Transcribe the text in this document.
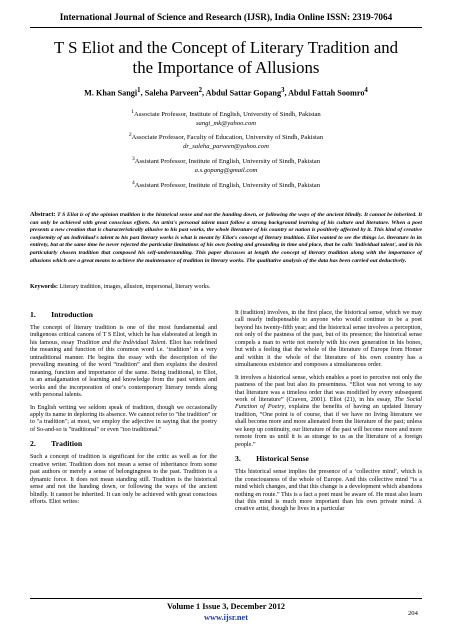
International Journal of Science and Research (IJSR), India Online ISSN: 2319-7064
T S Eliot and the Concept of Literary Tradition and
the Importance of Allusions
M. Khan Sangi$^1$, Saleha Parveen$^2$, Abdul Sattar Gopang$^3$, Abdul Fattah Soomro$^4$
$^1$Associate Professor, Institute of English, University of Sindh, Pakistan
sangi_mk@yahoo.com
$^2$Associate Professor, Faculty of Education, University of Sindh, Pakistan
dr_saleha_parveen@yahoo.com
$^3$Assistant Professor, Institute of English, University of Sindh, Pakistan
a.s.gopang@gmail.com
$^4$Assistant Professor, Institute of English, University of Sindh, Pakistan
Abstract: T S Eliot is of the opinion tradition is the historical sense and not the handing down, or following the ways of the ancient blindly. It cannot be inherited. It can only be achieved with great conscious efforts. An artist's personal talent must follow a strong background learning of his culture and literature. When a poet presents a new creation that is characteristically allusive to his past works, the whole literature of his country or nation is positively affected by it. This kind of creative conformity of an individual's talent to his past literary works is what is meant by Eliot's concept of literary tradition. Eliot wanted to see the things i.e. literature in its entirety, but at the same time he never rejected the particular limitations of his own footing and grounding in time and place, that he calls 'individual talent', and in his particularly chosen tradition that composed his self-understanding. This paper discusses at length the concept of literary tradition along with the importance of allusions which are a great means to achieve the maintenance of tradition in literary works. The qualitative analysis of the data has been carried out deductively.
Keywords: Literary tradition, images, allusion, impersonal, literary works.
1.  Introduction

The concept of literary tradition is one of the most fundamental and indigenous critical canons of T S Eliot, which he has elaborated at length in his famous, essay Tradition and the Individual Talent. Eliot has redefined the meaning and function of this common word i.e. ‘tradition’ in a very untraditional manner. He begins the essay with the description of the prevailing meaning of the word “tradition” and then explains the desired meaning, function and importance of the same. Being traditional, to Eliot, is an amalgamation of learning and knowledge from the past writers and works and the incorporation of one’s contemporary literary trends along with personal talents.

In English writing we seldom speak of tradition, though we occasionally apply its name in deploring its absence. We cannot refer to "the tradition" or to "a tradition"; at most, we employ the adjective in saying that the poetry of So-and-so is "traditional" or even "too traditional."

2.  Tradition

Such a concept of tradition is significant for the critic as well as for the creative writer. Tradition does not mean a sense of inheritance from some past authors or merely a sense of belongingness to the past. Tradition is a dynamic force. It does not mean standing still. Tradition is the historical sense and not the handing down, or following the ways of the ancient blindly. It cannot be inherited. It can only be achieved with great conscious efforts. Eliot writes:

It (tradition) involves, in the first place, the historical sense, which we may call nearly indispensable to anyone who would continue to be a poet beyond his twenty-fifth year; and the historical sense involves a perception, not only of the pastness of the past, but of its presence; the historical sense compels a man to write not merely with his own generation in his bones, but with a feeling that the whole of the literature of Europe from Homer and within it the whole of the literature of his own country has a simultaneous existence and composes a simultaneous order.

It involves a historical sense, which enables a poet to perceive not only the pastness of the past but also its presentness. “Eliot was not wrong to say that literature was a timeless order that was modified by every subsequent work of literature” (Craven, 2001). Eliot (21), in his essay, The Social Function of Poetry, explains the benefits of having an updated literary tradition, “One point is of course, that if we have no living literature we shall become more and more alienated from the literature of the past; unless we keep up continuity, our literature of the past will become more and more remote from us until it is as strange to us as the literature of a foreign people.”

3.  Historical Sense

This historical sense implies the presence of a ‘collective mind’, which is the consciousness of the whole of Europe. And this collective mind “is a mind which changes, and that this change is a development which abandons nothing en route.” This is a fact a poet must be aware of. He must also learn that this mind is much more important than his own private mind. A creative artist, though he lives in a particular

Volume 1 Issue 3, December 2012
www.ijsr.net	204
